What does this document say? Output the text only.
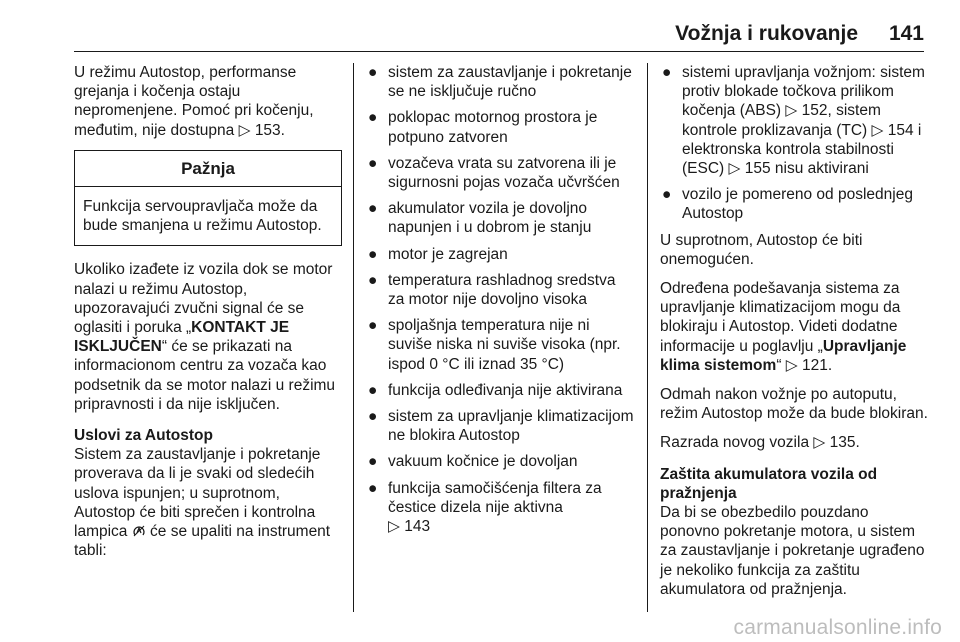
Vožnja i rukovanje 141

U režimu Autostop, performanse grejanja i kočenja ostaju nepromenjene. Pomoć pri kočenju, međutim, nije dostupna ▷ 153.

Pažnja
Funkcija servoupravljača može da bude smanjena u režimu Autostop.

Ukoliko izađete iz vozila dok se motor nalazi u režimu Autostop, upozoravajući zvučni signal će se oglasiti i poruka „KONTAKT JE ISKLJUČEN“ će se prikazati na informacionom centru za vozača kao podsetnik da se motor nalazi u režimu pripravnosti i da nije isključen.

Uslovi za Autostop

Sistem za zaustavljanje i pokretanje proverava da li je svaki od sledećih uslova ispunjen; u suprotnom, Autostop će biti sprečen i kontrolna lampica će se upaliti na instrument tabli:

● sistem za zaustavljanje i pokretanje se ne isključuje ručno
● poklopac motornog prostora je potpuno zatvoren
● vozačeva vrata su zatvorena ili je sigurnosni pojas vozača učvršćen
● akumulator vozila je dovoljno napunjen i u dobrom je stanju
● motor je zagrejan
● temperatura rashladnog sredstva za motor nije dovoljno visoka
● spoljašnja temperatura nije ni suviše niska ni suviše visoka (npr. ispod 0 °C ili iznad 35 °C)
● funkcija odleđivanja nije aktivirana
● sistem za upravljanje klimatizacijom ne blokira Autostop
● vakuum kočnice je dovoljan
● funkcija samočišćenja filtera za čestice dizela nije aktivna
▷ 143
● sistemi upravljanja vožnjom: sistem protiv blokade točkova prilikom kočenja (ABS) ▷ 152, sistem kontrole proklizavanja (TC) ▷ 154 i elektronska kontrola stabilnosti (ESC) ▷ 155 nisu aktivirani
● vozilo je pomereno od poslednjeg Autostop

U suprotnom, Autostop će biti onemogućen.

Određena podešavanja sistema za upravljanje klimatizacijom mogu da blokiraju i Autostop. Videti dodatne informacije u poglavlju „Upravljanje klima sistemom“ ▷ 121.

Odmah nakon vožnje po autoputu, režim Autostop može da bude blokiran.

Razrada novog vozila ▷ 135.

Zaštita akumulatora vozila od pražnjenja

Da bi se obezbedilo pouzdano ponovno pokretanje motora, u sistem za zaustavljanje i pokretanje ugrađeno je nekoliko funkcija za zaštitu akumulatora od pražnjenja.

carmanualsonline.info
